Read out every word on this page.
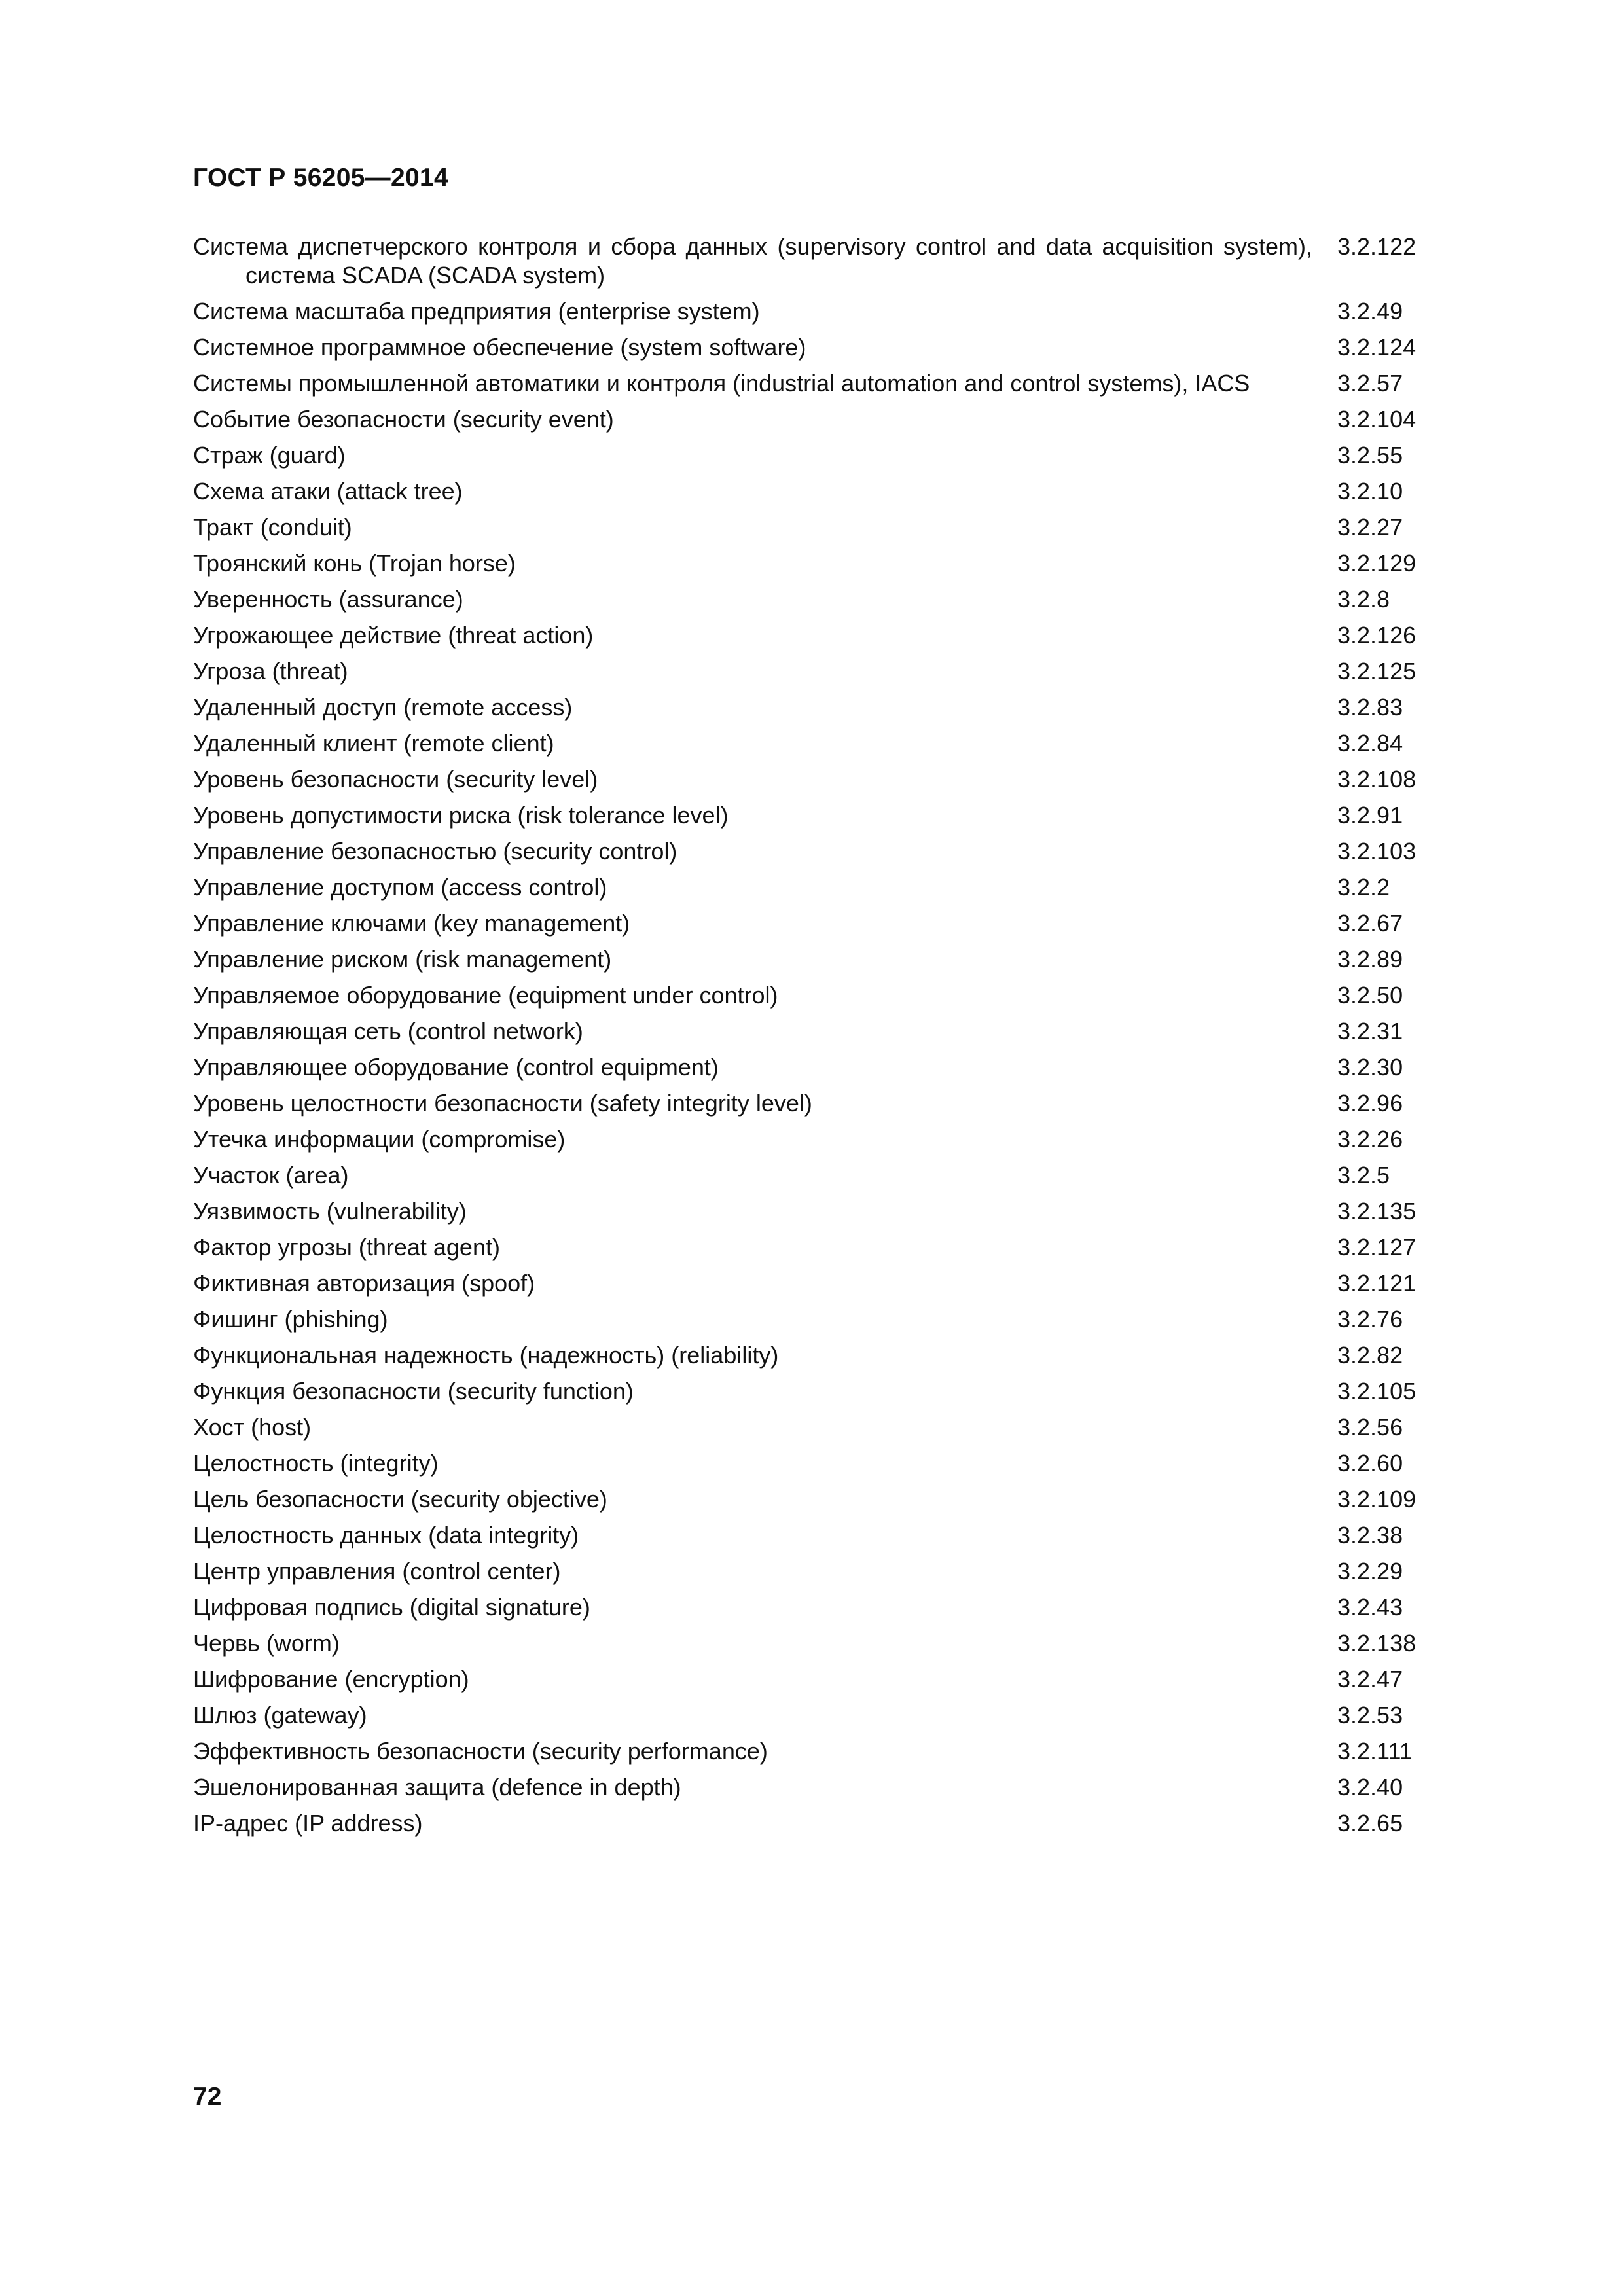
ГОСТ Р 56205—2014
Система диспетчерского контроля и сбора данных (supervisory control and data acquisition system), система SCADA (SCADA system)
3.2.122
Система масштаба предприятия (enterprise system)	3.2.49
Системное программное обеспечение (system software)	3.2.124
Системы промышленной автоматики и контроля (industrial automation and control systems), IACS	3.2.57
Событие безопасности (security event)	3.2.104
Страж (guard)	3.2.55
Схема атаки (attack tree)	3.2.10
Тракт (conduit)	3.2.27
Троянский конь (Trojan horse)	3.2.129
Уверенность (assurance)	3.2.8
Угрожающее действие (threat action)	3.2.126
Угроза (threat)	3.2.125
Удаленный доступ (remote access)	3.2.83
Удаленный клиент (remote client)	3.2.84
Уровень безопасности (security level)	3.2.108
Уровень допустимости риска (risk tolerance level)	3.2.91
Управление безопасностью (security control)	3.2.103
Управление доступом (access control)	3.2.2
Управление ключами (key management)	3.2.67
Управление риском (risk management)	3.2.89
Управляемое оборудование (equipment under control)	3.2.50
Управляющая сеть (control network)	3.2.31
Управляющее оборудование (control equipment)	3.2.30
Уровень целостности безопасности (safety integrity level)	3.2.96
Утечка информации (compromise)	3.2.26
Участок (area)	3.2.5
Уязвимость (vulnerability)	3.2.135
Фактор угрозы (threat agent)	3.2.127
Фиктивная авторизация (spoof)	3.2.121
Фишинг (phishing)	3.2.76
Функциональная надежность (надежность) (reliability)	3.2.82
Функция безопасности (security function)	3.2.105
Хост (host)	3.2.56
Целостность (integrity)	3.2.60
Цель безопасности (security objective)	3.2.109
Целостность данных (data integrity)	3.2.38
Центр управления (control center)	3.2.29
Цифровая подпись (digital signature)	3.2.43
Червь (worm)	3.2.138
Шифрование (encryption)	3.2.47
Шлюз (gateway)	3.2.53
Эффективность безопасности (security performance)	3.2.111
Эшелонированная защита (defence in depth)	3.2.40
IP-адрес (IP address)	3.2.65
72
